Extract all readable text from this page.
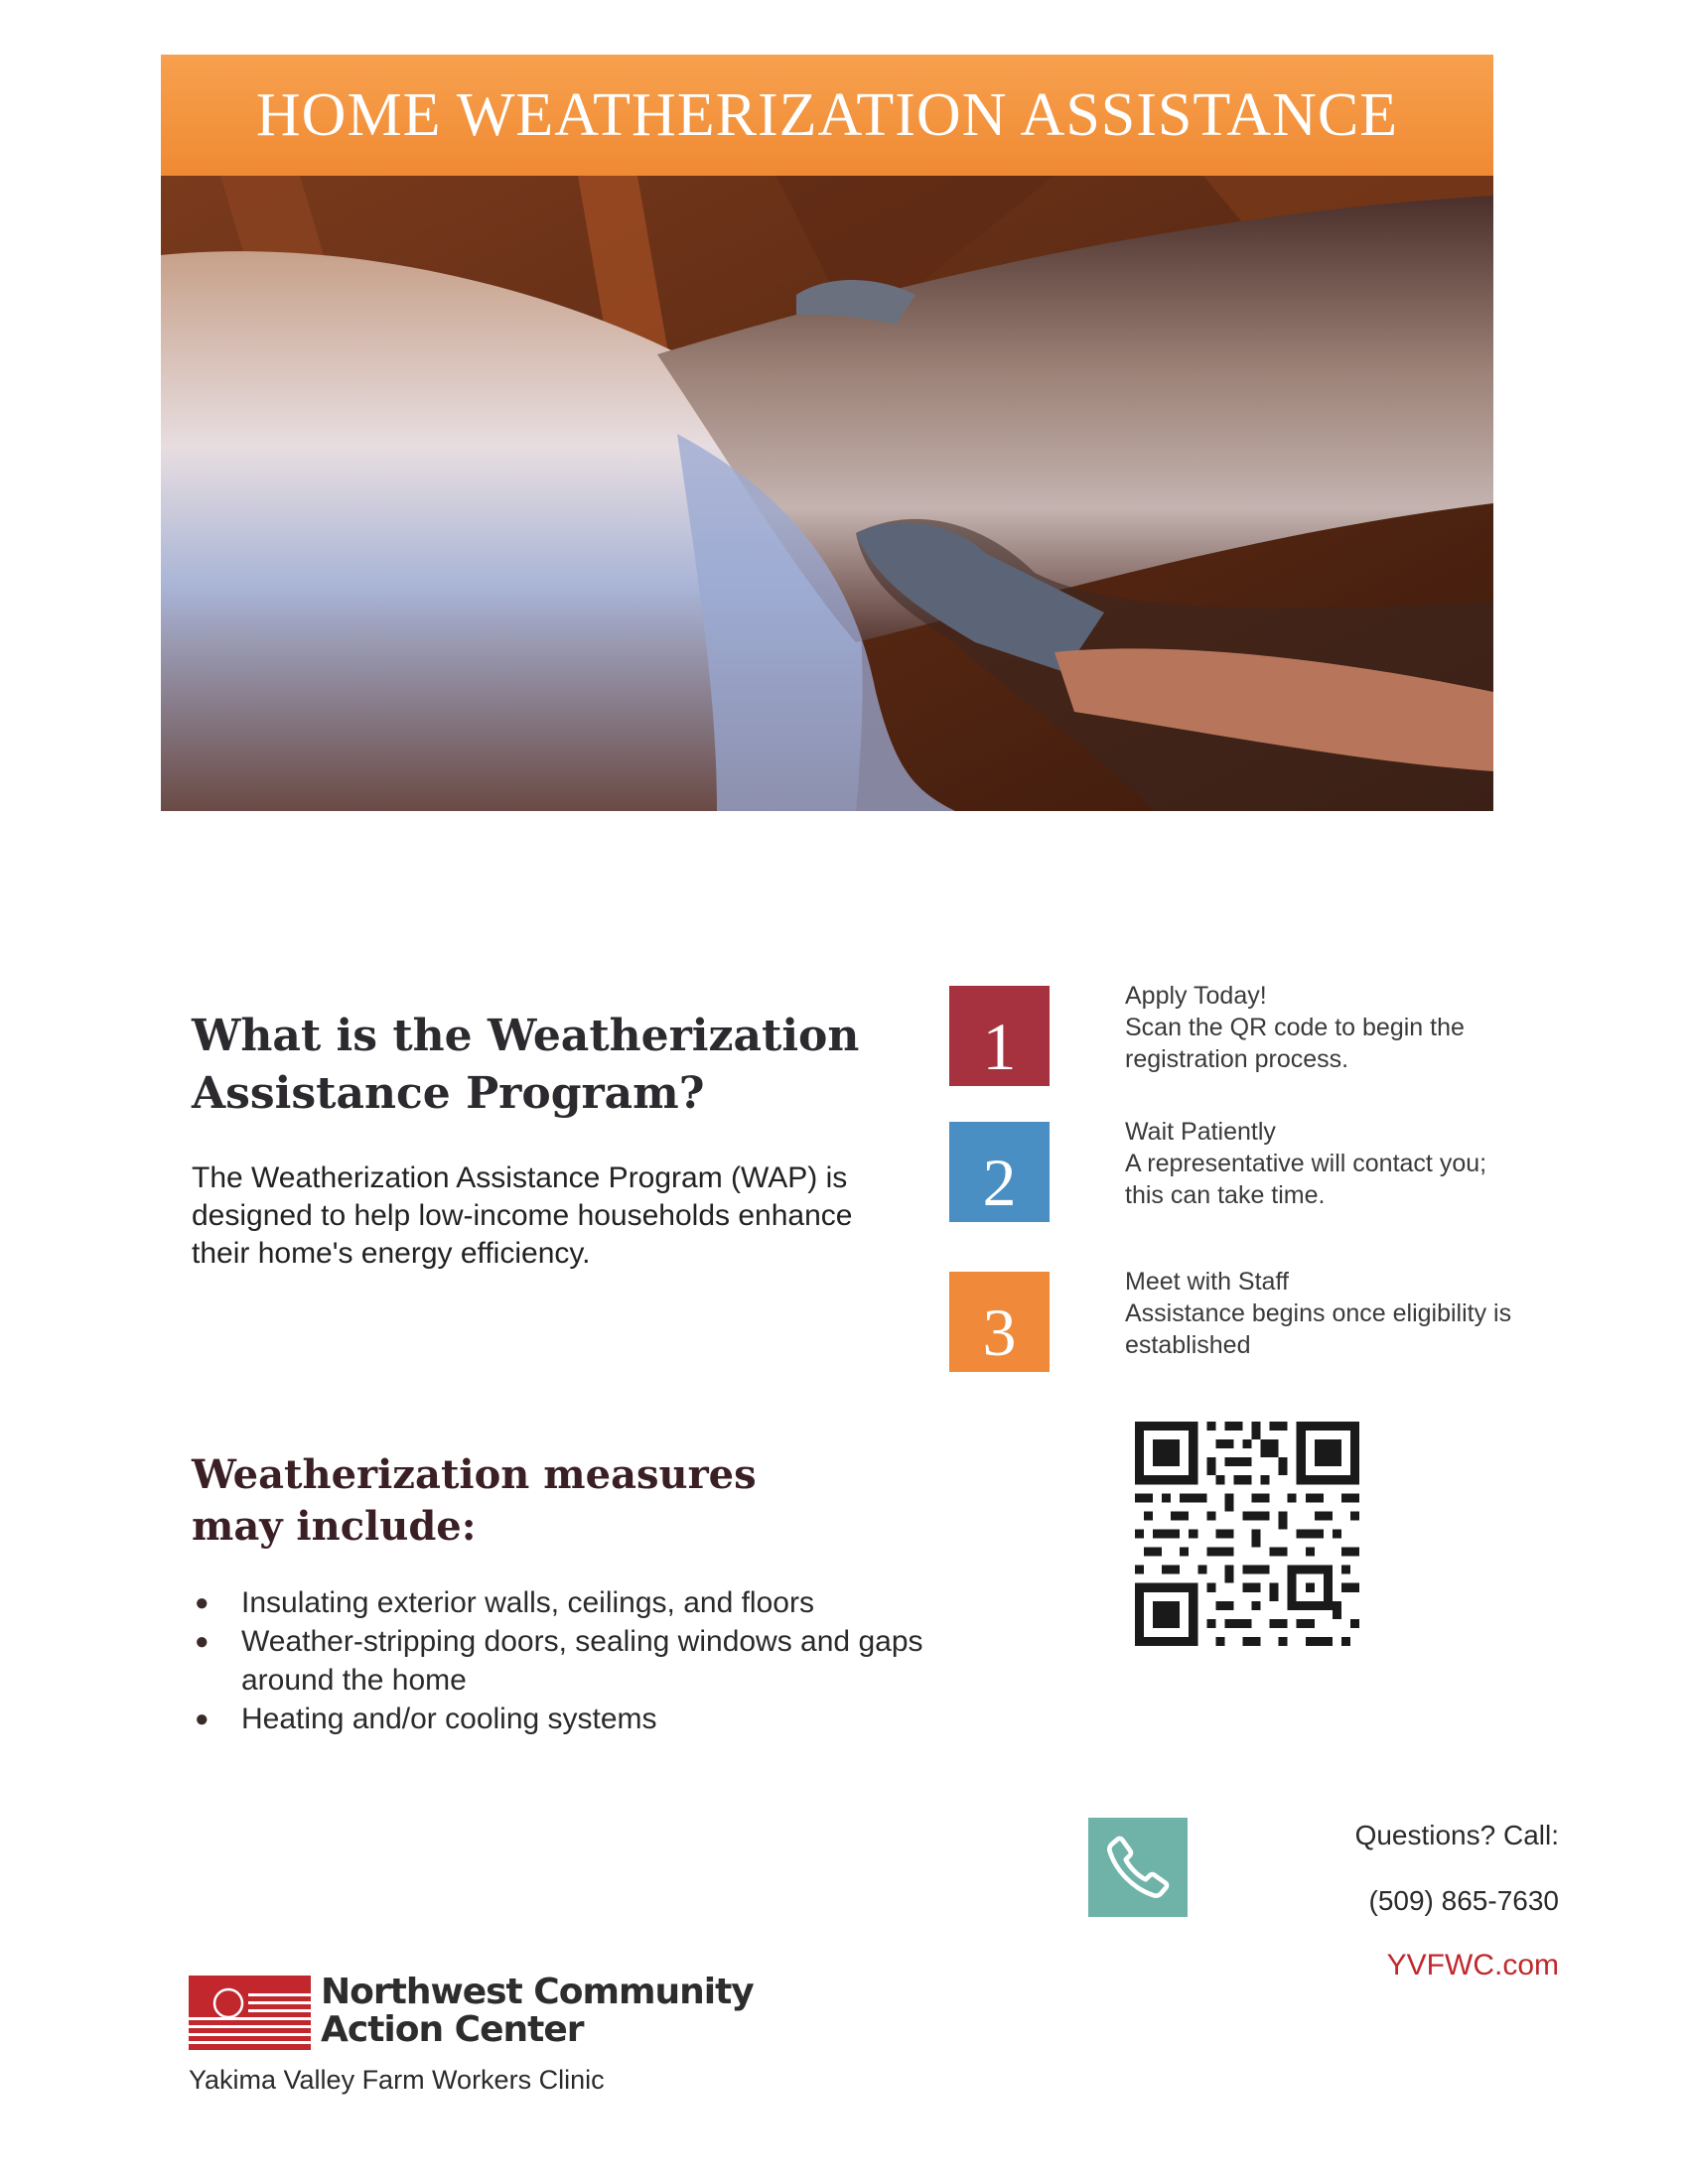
HOME WEATHERIZATION ASSISTANCE
What is the Weatherization Assistance Program?

The Weatherization Assistance Program (WAP) is designed to help low-income households enhance their home's energy efficiency.

1
Apply Today!
Scan the QR code to begin the registration process.
2
Wait Patiently
A representative will contact you; this can take time.
3
Meet with Staff
Assistance begins once eligibility is established
Weatherization measures may include:
● Insulating exterior walls, ceilings, and floors
● Weather-stripping doors, sealing windows and gaps around the home
● Heating and/or cooling systems
Questions? Call:
(509) 865-7630
YVFWC.com
Northwest Community
Action Center
Yakima Valley Farm Workers Clinic
